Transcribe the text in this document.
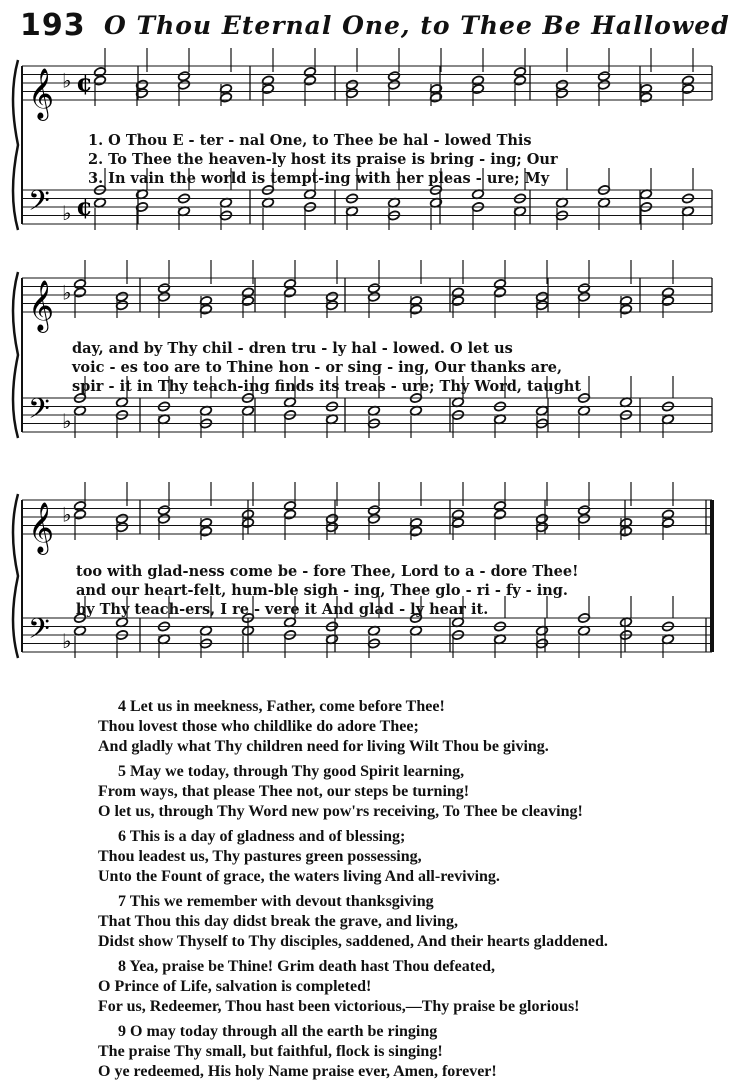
193 O Thou Eternal One, to Thee Be Hallowed
𝄞
𝄢
♭
♭
¢
¢
𝄞
𝄢
♭
♭
𝄞
𝄢
♭
♭
1. O Thou E - ter - nal One, to Thee be hal - lowed This
2. To Thee the heaven-ly host its praise is bring - ing; Our
3. In vain the world is tempt-ing with her pleas - ure; My
day, and by Thy chil - dren tru - ly hal - lowed. O let us
voic - es too are to Thine hon - or sing - ing, Our thanks are,
spir - it in Thy teach-ing finds its treas - ure; Thy Word, taught
too with glad-ness come be - fore Thee, Lord to a - dore Thee!
and our heart-felt, hum-ble sigh - ing, Thee glo - ri - fy - ing.
by Thy teach-ers, I re - vere it And glad - ly hear it.
4 Let us in meekness, Father, come before Thee!
Thou lovest those who childlike do adore Thee;
And gladly what Thy children need for living Wilt Thou be giving.
5 May we today, through Thy good Spirit learning,
From ways, that please Thee not, our steps be turning!
O let us, through Thy Word new pow'rs receiving, To Thee be cleaving!
6 This is a day of gladness and of blessing;
Thou leadest us, Thy pastures green possessing,
Unto the Fount of grace, the waters living And all-reviving.
7 This we remember with devout thanksgiving
That Thou this day didst break the grave, and living,
Didst show Thyself to Thy disciples, saddened, And their hearts gladdened.
8 Yea, praise be Thine! Grim death hast Thou defeated,
O Prince of Life, salvation is completed!
For us, Redeemer, Thou hast been victorious,—Thy praise be glorious!
9 O may today through all the earth be ringing
The praise Thy small, but faithful, flock is singing!
O ye redeemed, His holy Name praise ever, Amen, forever!
